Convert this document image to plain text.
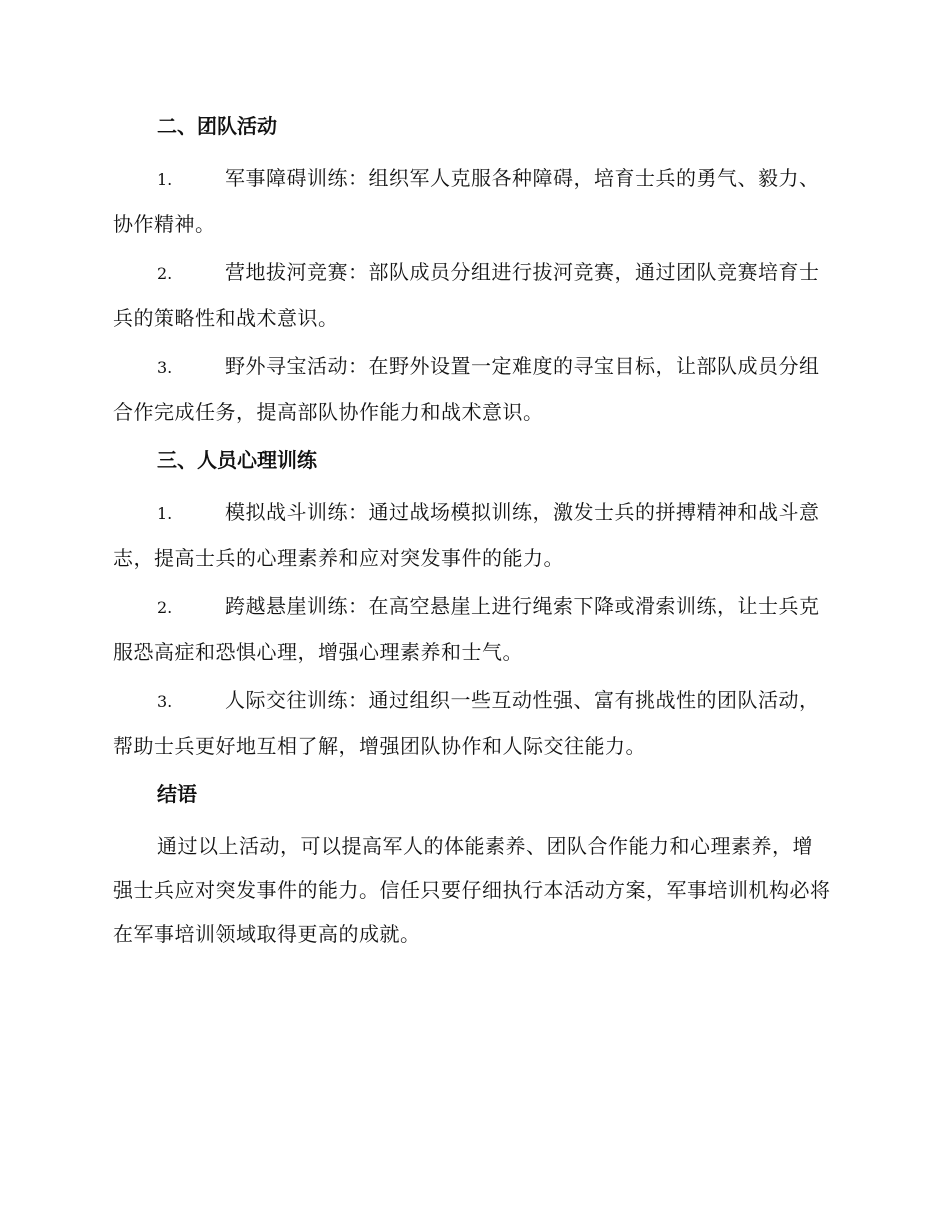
二、团队活动

1.	军事障碍训练：组织军人克服各种障碍，培育士兵的勇气、毅力、协作精神。

2.	营地拔河竞赛：部队成员分组进行拔河竞赛，通过团队竞赛培育士兵的策略性和战术意识。

3.	野外寻宝活动：在野外设置一定难度的寻宝目标，让部队成员分组合作完成任务，提高部队协作能力和战术意识。

三、人员心理训练

1.	模拟战斗训练：通过战场模拟训练，激发士兵的拼搏精神和战斗意志，提高士兵的心理素养和应对突发事件的能力。

2.	跨越悬崖训练：在高空悬崖上进行绳索下降或滑索训练，让士兵克服恐高症和恐惧心理，增强心理素养和士气。

3.	人际交往训练：通过组织一些互动性强、富有挑战性的团队活动，帮助士兵更好地互相了解，增强团队协作和人际交往能力。

结语

通过以上活动，可以提高军人的体能素养、团队合作能力和心理素养，增强士兵应对突发事件的能力。信任只要仔细执行本活动方案，军事培训机构必将在军事培训领域取得更高的成就。
